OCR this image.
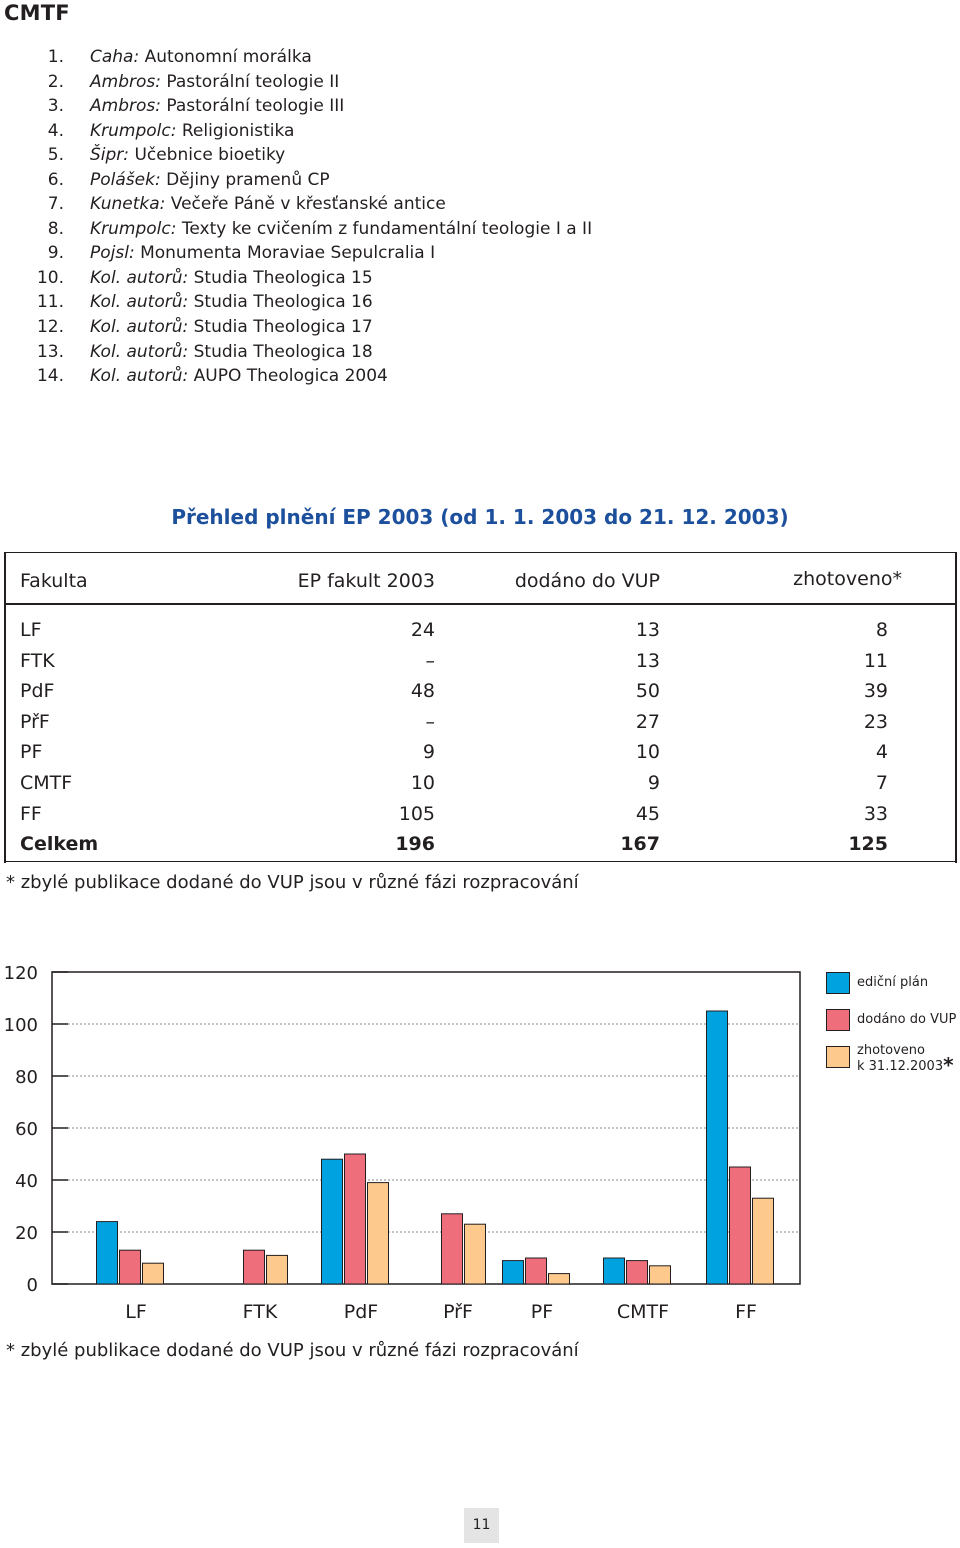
CMTF
1. Caha: Autonomní morálka
2. Ambros: Pastorální teologie II
3. Ambros: Pastorální teologie III
4. Krumpolc: Religionistika
5. Šipr: Učebnice bioetiky
6. Polášek: Dějiny pramenů CP
7. Kunetka: Večeře Páně v křesťanské antice
8. Krumpolc: Texty ke cvičením z fundamentální teologie I a II
9. Pojsl: Monumenta Moraviae Sepulcralia I
10. Kol. autorů: Studia Theologica 15
11. Kol. autorů: Studia Theologica 16
12. Kol. autorů: Studia Theologica 17
13. Kol. autorů: Studia Theologica 18
14. Kol. autorů: AUPO Theologica 2004
Přehled plnění EP 2003 (od 1. 1. 2003 do 21. 12. 2003)
Fakulta	EP fakult 2003	dodáno do VUP	zhotoveno*
LF	24	13	8
FTK	–	13	11
PdF	48	50	39
PřF	–	27	23
PF	9	10	4
CMTF	10	9	7
FF	105	45	33
Celkem	196	167	125
* zbylé publikace dodané do VUP jsou v různé fázi rozpracování
0
20
40
60
80
100
120
LF	FTK	PdF	PřF	PF	CMTF	FF
ediční plán
dodáno do VUP
zhotoveno
k 31.12.2003*
* zbylé publikace dodané do VUP jsou v různé fázi rozpracování
11
